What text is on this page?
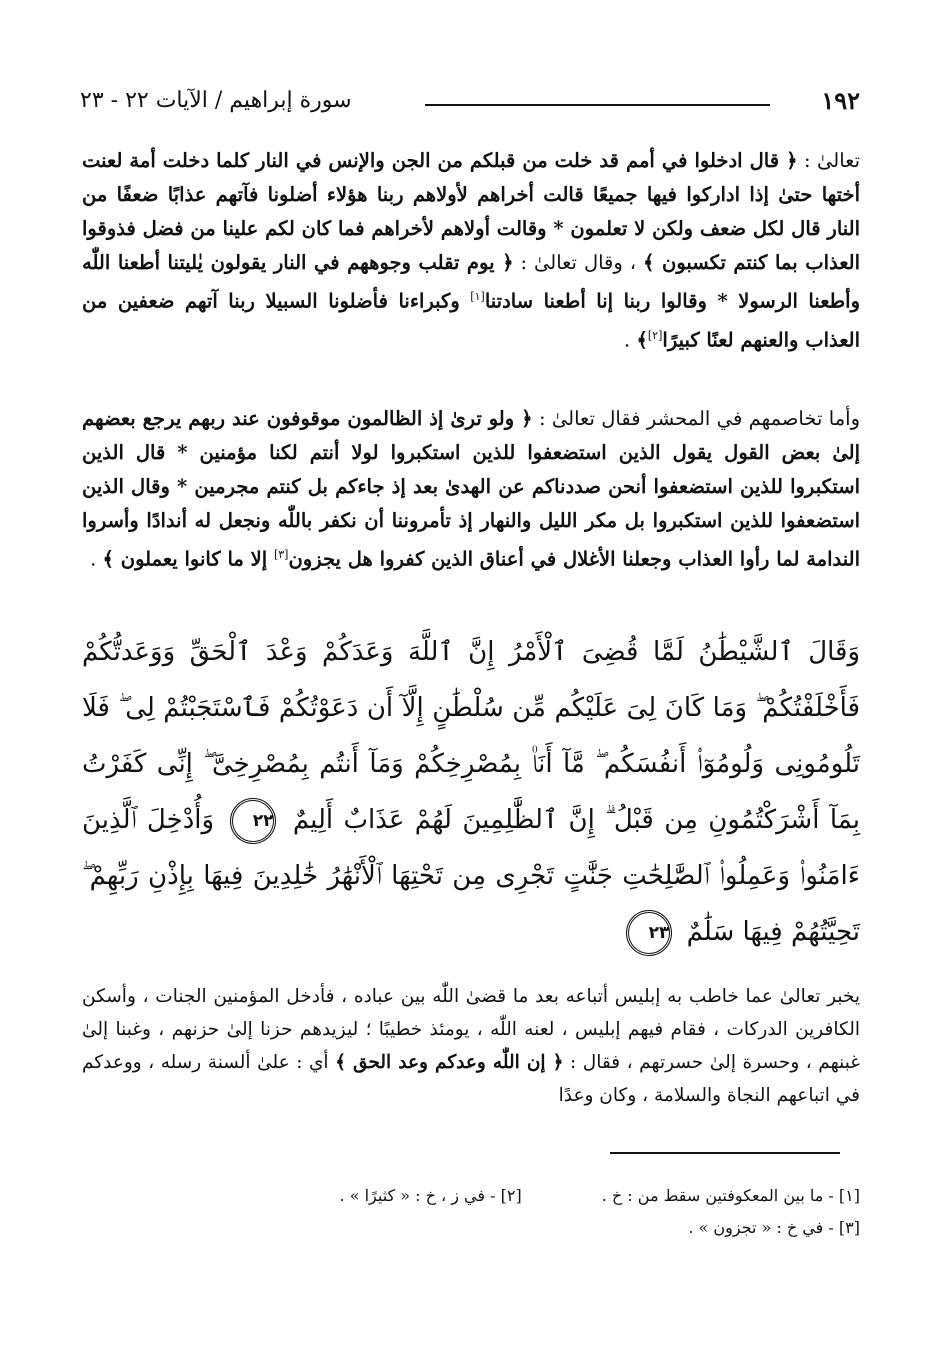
سورة إبراهيم / الآيات ٢٢ - ٢٣	١٩٢
تعالىٰ : ﴿ قال ادخلوا في أمم قد خلت من قبلكم من الجن والإنس في النار كلما دخلت أمة لعنت أختها حتىٰ إذا اداركوا فيها جميعًا قالت أخراهم لأولاهم ربنا هؤلاء أضلونا فآتهم عذابًا ضعفًا من النار قال لكل ضعف ولكن لا تعلمون * وقالت أولاهم لأخراهم فما كان لكم علينا من فضل فذوقوا العذاب بما كنتم تكسبون ﴾ ، وقال تعالىٰ : ﴿ يوم تقلب وجوههم في النار يقولون يٰليتنا أطعنا اللّٰه وأطعنا الرسولا * وقالوا ربنا إنا أطعنا سادتنا[١] وكبراءنا فأضلونا السبيلا ربنا آتهم ضعفين من العذاب والعنهم لعنًا كبيرًا[٢]﴾ .
وأما تخاصمهم في المحشر فقال تعالىٰ : ﴿ ولو ترىٰ إذ الظالمون موقوفون عند ربهم يرجع بعضهم إلىٰ بعض القول يقول الذين استضعفوا للذين استكبروا لولا أنتم لكنا مؤمنين * قال الذين استكبروا للذين استضعفوا أنحن صددناكم عن الهدىٰ بعد إذ جاءكم بل كنتم مجرمين * وقال الذين استضعفوا للذين استكبروا بل مكر الليل والنهار إذ تأمروننا أن نكفر باللّٰه ونجعل له أندادًا وأسروا الندامة لما رأوا العذاب وجعلنا الأغلال في أعناق الذين كفروا هل يجزون[٣] إلا ما كانوا يعملون ﴾ .
وَقَالَ ٱلشَّيْطَٰنُ لَمَّا قُضِىَ ٱلْأَمْرُ إِنَّ ٱللَّهَ وَعَدَكُمْ وَعْدَ ٱلْحَقِّ وَوَعَدتُّكُمْ فَأَخْلَفْتُكُمْ ۖ وَمَا كَانَ لِىَ عَلَيْكُم مِّن سُلْطَٰنٍ إِلَّآ أَن دَعَوْتُكُمْ فَٱسْتَجَبْتُمْ لِى ۖ فَلَا تَلُومُونِى وَلُومُوٓا۟ أَنفُسَكُم ۖ مَّآ أَنَا۠ بِمُصْرِخِكُمْ وَمَآ أَنتُم بِمُصْرِخِىَّ ۖ إِنِّى كَفَرْتُ بِمَآ أَشْرَكْتُمُونِ مِن قَبْلُ ۗ إِنَّ ٱلظَّٰلِمِينَ لَهُمْ عَذَابٌ أَلِيمٌ ٢٢ وَأُدْخِلَ ٱلَّذِينَ ءَامَنُوا۟ وَعَمِلُوا۟ ٱلصَّٰلِحَٰتِ جَنَّٰتٍ تَجْرِى مِن تَحْتِهَا ٱلْأَنْهَٰرُ خَٰلِدِينَ فِيهَا بِإِذْنِ رَبِّهِمْ ۖ تَحِيَّتُهُمْ فِيهَا سَلَٰمٌ ٢٣
يخبر تعالىٰ عما خاطب به إبليس أتباعه بعد ما قضىٰ اللّٰه بين عباده ، فأدخل المؤمنين الجنات ، وأسكن الكافرين الدركات ، فقام فيهم إبليس ، لعنه اللّٰه ، يومئذ خطيبًا ؛ ليزيدهم حزنا إلىٰ حزنهم ، وغبنا إلىٰ غبنهم ، وحسرة إلىٰ حسرتهم ، فقال : ﴿ إن اللّٰه وعدكم وعد الحق ﴾ أي : علىٰ ألسنة رسله ، ووعدكم في اتباعهم النجاة والسلامة ، وكان وعدًا
[١] - ما بين المعكوفتين سقط من : خ .
[٢] - في ز ، خ : « كثيرًا » .
[٣] - في خ : « تجزون » .
